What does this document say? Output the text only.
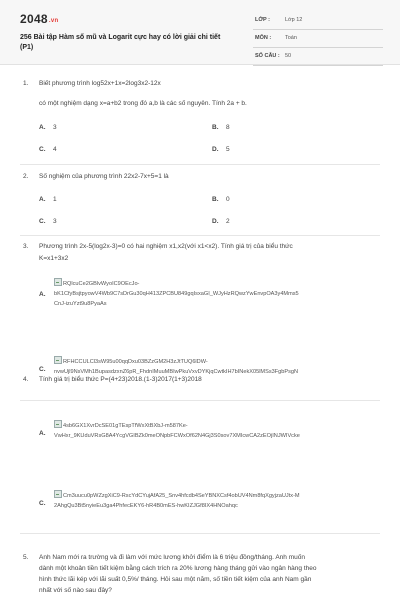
2048.vn
256 Bài tập Hàm số mũ và Logarit cực hay có lời giải chi tiết (P1)
LỚP :	Lớp 12
MÔN :	Toán
SỐ CÂU : 50
1. Biết phương trình log52x+1x=2log3x2-12x
có một nghiệm dạng x=a+b2 trong đó a,b là các số nguyên. Tính 2a + b.
A. 3	B. 8
C. 4	D. 5
2. Số nghiệm của phương trình 22x2-7x+5=1 là
A. 1	B. 0
C. 3	D. 2
3. Phương trình 2x-5(log2x-3)=0 có hai nghiệm x1,x2(với x1<x2). Tính giá trị của biểu thức
K=x1+3x2
A.
RQlcuCe2GBlvWyoIC9OEcJo-
bK1CfyBsjtpyowV4Wb9C7sDrGu30qH413ZPCBU849gqIsxaGI_WJyHzRQwzYwEnvpOA3y4Mms5
CnJ-izuYzt9u8PyaAs
C.
RFHCCULCl3sW95u00qqDxu03BZzGM2H3zJtTUQ6lDW-
nvwUjl9NsVMh1BupasdzxnZ6pR_FhdnIMuuMBIwPkuVxvDYKjqCwtkIH7bINekX05lMSs3FgbPsgN
4. Tính giá trị biểu thức P=(4+23)2018.(1-3)2017(1+3)2018
A.
4sb6GX1XvrDcSE01gTEspTfWxXtBXbJ-m587Ke-
VwHxr_9KUduVRsG8A4YcgVGIBZk0meONpbFCWxOf62N4Gj3S0sov7XMIcwCA2zEOjINJWIVcke
C.
Cm3uucu0pWZzgXiC9-RscYdCYujAfA25_Snv4hfcdb4SeYBNXCsf4obUV4Nm8fqXgyjzaUJtx-M
2AhgQu3Bt5nyieEu3ga4PhfecEKY6-hR4B0mES-hwKIZJGf8IX4HNOahqc
5. Anh Nam mới ra trường và đi làm với mức lương khởi điểm là 6 triệu đồng/tháng. Anh muốn
dành một khoản tiền tiết kiệm bằng cách trích ra 20% lương hàng tháng gửi vào ngân hàng theo
hình thức lãi kép với lãi suất 0,5%/ tháng. Hỏi sau một năm, số tiền tiết kiệm của anh Nam gần
nhất với số nào sau đây?
